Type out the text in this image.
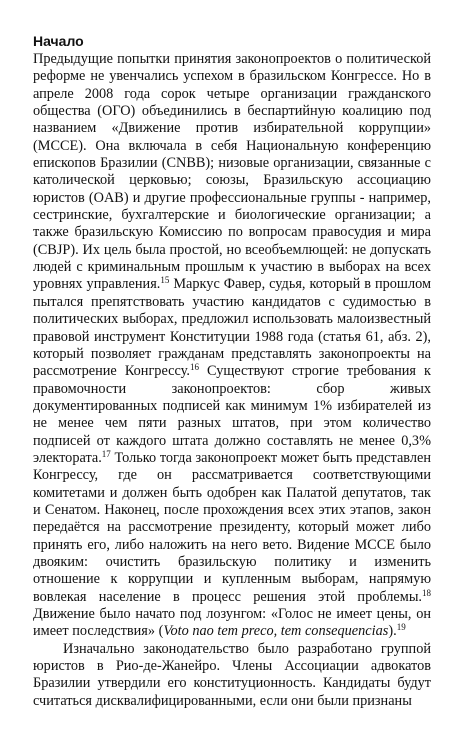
Начало

Предыдущие попытки принятия законопроектов о политической реформе не увенчались успехом в бразильском Конгрессе. Но в апреле 2008 года сорок четыре организации гражданского общества (ОГО) объединились в беспартийную коалицию под названием «Движение против избирательной коррупции» (MCCE). Она включала в себя Национальную конференцию епископов Бразилии (CNBB); низовые организации, связанные с католической церковью; союзы, Бразильскую ассоциацию юристов (OAB) и другие профессиональные группы - например, сестринские, бухгалтерские и биологические организации; а также бразильскую Комиссию по вопросам правосудия и мира (CBJP). Их цель была простой, но всеобъемлющей: не допускать людей с криминальным прошлым к участию в выборах на всех уровнях управления.$^{15}$ Маркус Фавер, судья, который в прошлом пытался препятствовать участию кандидатов с судимостью в политических выборах, предложил использовать малоизвестный правовой инструмент Конституции 1988 года (статья 61, абз. 2), который позволяет гражданам представлять законопроекты на рассмотрение Конгрессу.$^{16}$ Существуют строгие требования к правомочности законопроектов: сбор живых документированных подписей как минимум 1% избирателей из не менее чем пяти разных штатов, при этом количество подписей от каждого штата должно составлять не менее 0,3% электората.$^{17}$ Только тогда законопроект может быть представлен Конгрессу, где он рассматривается соответствующими комитетами и должен быть одобрен как Палатой депутатов, так и Сенатом. Наконец, после прохождения всех этих этапов, закон передаётся на рассмотрение президенту, который может либо принять его, либо наложить на него вето. Видение MCCE было двояким: очистить бразильскую политику и изменить отношение к коррупции и купленным выборам, напрямую вовлекая население в процесс решения этой проблемы.$^{18}$ Движение было начато под лозунгом: «Голос не имеет цены, он имеет последствия» (Voto nao tem preco, tem consequencias).$^{19}$

Изначально законодательство было разработано группой юристов в Рио-де-Жанейро. Члены Ассоциации адвокатов Бразилии утвердили его конституционность. Кандидаты будут считаться дисквалифицированными, если они были признаны
